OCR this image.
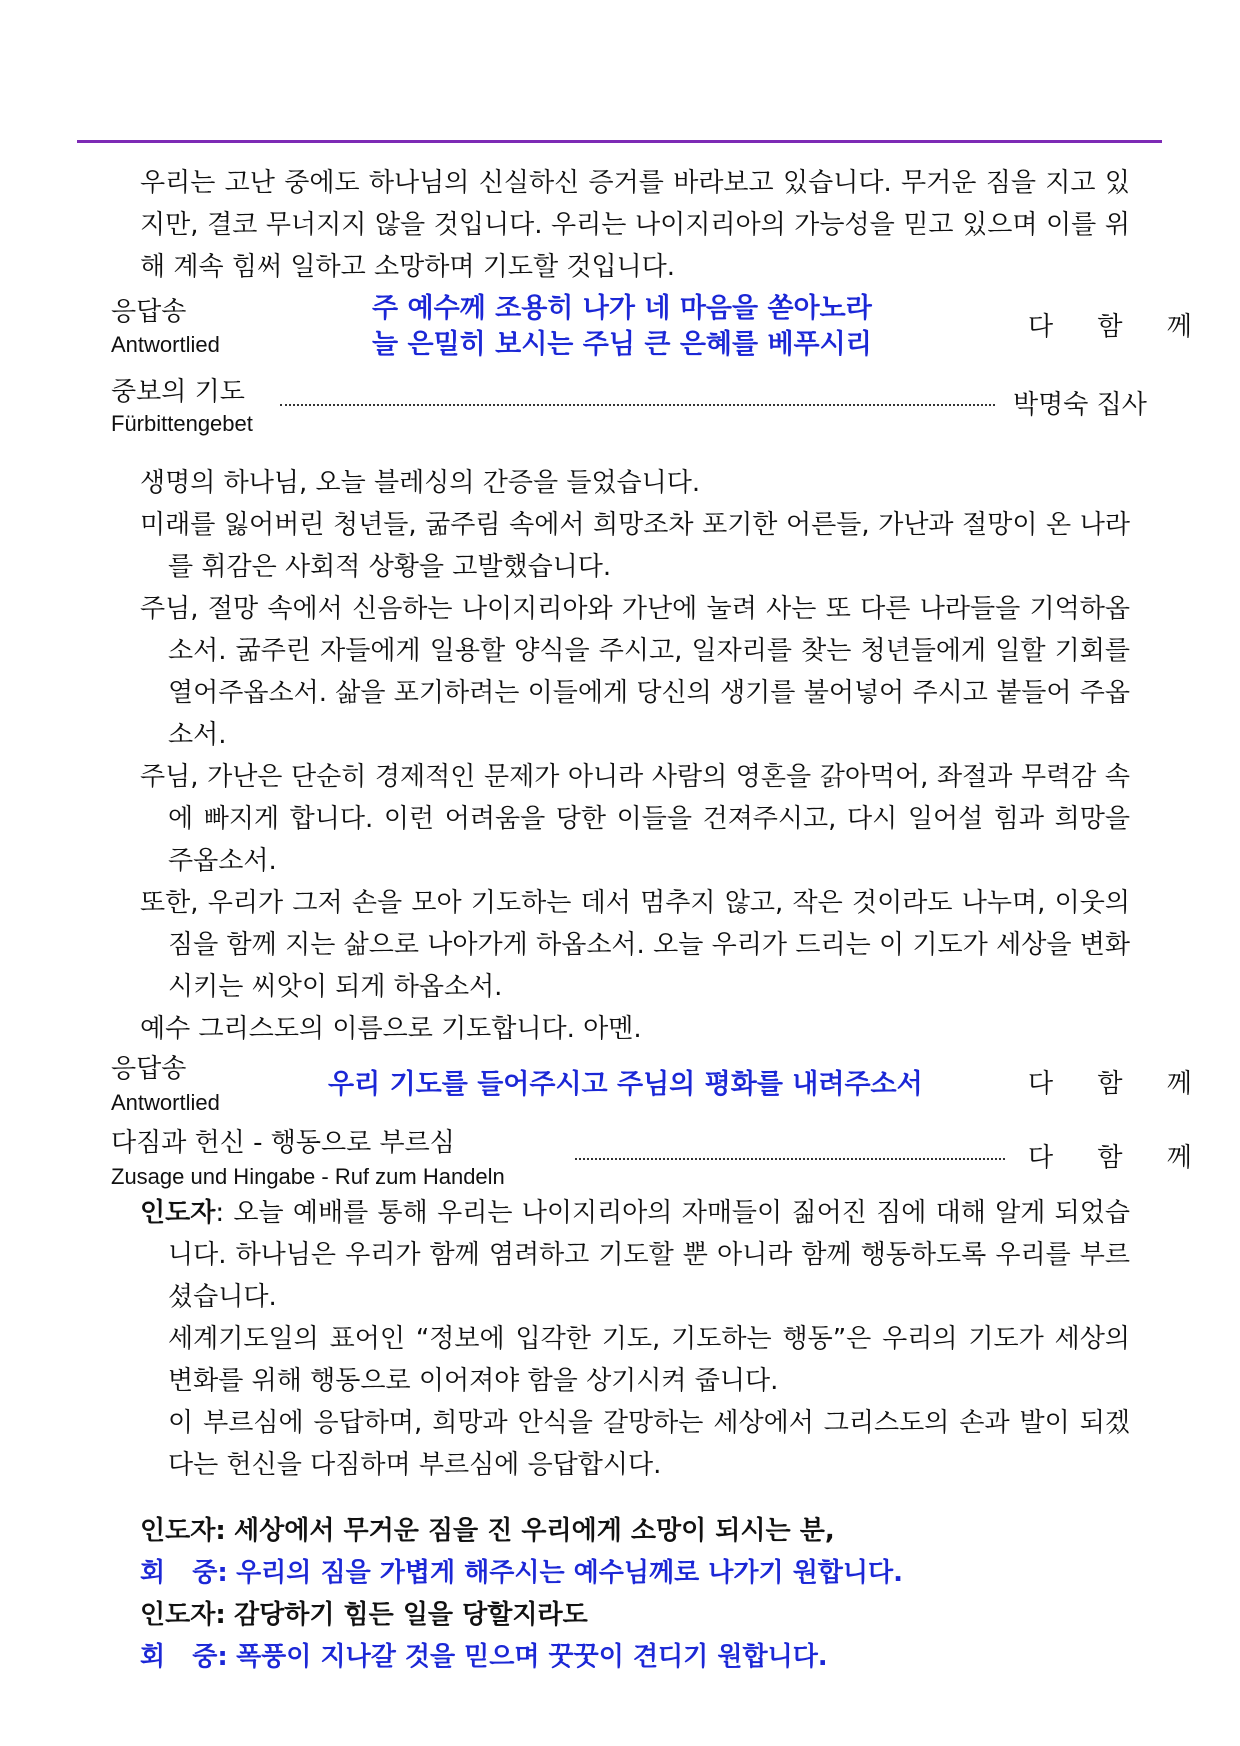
우리는 고난 중에도 하나님의 신실하신 증거를 바라보고 있습니다. 무거운 짐을 지고 있지만, 결코 무너지지 않을 것입니다. 우리는 나이지리아의 가능성을 믿고 있으며 이를 위해 계속 힘써 일하고 소망하며 기도할 것입니다.
응답송
Antwortlied
주 예수께 조용히 나가 네 마음을 쏟아노라
늘 은밀히 보시는 주님 큰 은혜를 베푸시리
다 함 께
중보의 기도
Fürbittengebet
박명숙 집사

생명의 하나님, 오늘 블레싱의 간증을 들었습니다.

미래를 잃어버린 청년들, 굶주림 속에서 희망조차 포기한 어른들, 가난과 절망이 온 나라를 휘감은 사회적 상황을 고발했습니다.

주님, 절망 속에서 신음하는 나이지리아와 가난에 눌려 사는 또 다른 나라들을 기억하옵소서. 굶주린 자들에게 일용할 양식을 주시고, 일자리를 찾는 청년들에게 일할 기회를 열어주옵소서. 삶을 포기하려는 이들에게 당신의 생기를 불어넣어 주시고 붙들어 주옵소서.

주님, 가난은 단순히 경제적인 문제가 아니라 사람의 영혼을 갉아먹어, 좌절과 무력감 속에 빠지게 합니다. 이런 어려움을 당한 이들을 건져주시고, 다시 일어설 힘과 희망을 주옵소서.

또한, 우리가 그저 손을 모아 기도하는 데서 멈추지 않고, 작은 것이라도 나누며, 이웃의 짐을 함께 지는 삶으로 나아가게 하옵소서. 오늘 우리가 드리는 이 기도가 세상을 변화시키는 씨앗이 되게 하옵소서.

예수 그리스도의 이름으로 기도합니다. 아멘.

응답송
Antwortlied
우리 기도를 들어주시고 주님의 평화를 내려주소서	다 함 께
다짐과 헌신 - 행동으로 부르심
Zusage und Hingabe - Ruf zum Handeln
다 함 께

인도자: 오늘 예배를 통해 우리는 나이지리아의 자매들이 짊어진 짐에 대해 알게 되었습니다. 하나님은 우리가 함께 염려하고 기도할 뿐 아니라 함께 행동하도록 우리를 부르셨습니다.

세계기도일의 표어인 “정보에 입각한 기도, 기도하는 행동”은 우리의 기도가 세상의 변화를 위해 행동으로 이어져야 함을 상기시켜 줍니다.

이 부르심에 응답하며, 희망과 안식을 갈망하는 세상에서 그리스도의 손과 발이 되겠다는 헌신을 다짐하며 부르심에 응답합시다.

인도자: 세상에서 무거운 짐을 진 우리에게 소망이 되시는 분,
회   중: 우리의 짐을 가볍게 해주시는 예수님께로 나가기 원합니다.
인도자: 감당하기 힘든 일을 당할지라도
회   중: 폭풍이 지나갈 것을 믿으며 꿋꿋이 견디기 원합니다.
